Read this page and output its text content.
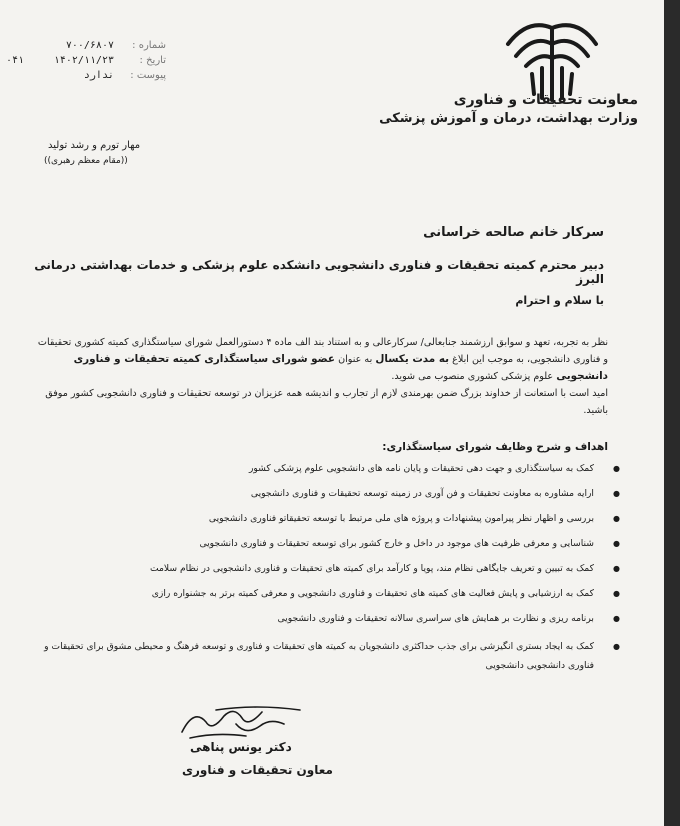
معاونت تحقیقات و فناوری
وزارت بهداشت، درمان و آموزش پزشکی
شماره :
۷۰۰/۶۸۰۷
۰۴۱	تاریخ :
۱۴۰۲/۱۱/۲۳
پیوست :
ندارد
مهار تورم و رشد تولید
((مقام معظم رهبری))
سرکار خانم صالحه خراسانی
دبیر محترم کمیته تحقیقات و فناوری دانشجویی دانشکده علوم پزشکی و خدمات بهداشتی درمانی البرز
با سلام و احترام

نظر به تجربه، تعهد و سوابق ارزشمند جنابعالی/ سرکارعالی و به استناد بند الف ماده ۴ دستورالعمل شورای سیاستگذاری کمیته کشوری تحقیقات و فناوری دانشجویی، به موجب این ابلاغ به مدت یکسال به عنوان عضو شورای سیاستگذاری کمیته تحقیقات و فناوری دانشجویی علوم پزشکی کشوری منصوب می شوید.

امید است با استعانت از خداوند بزرگ ضمن بهرمندی لازم از تجارب و اندیشه همه عزیزان در توسعه تحقیقات و فناوری دانشجویی کشور موفق باشید.

اهداف و شرح وظایف شورای سیاستگذاری:
● کمک به سیاستگذاری و جهت دهی تحقیقات و پایان نامه های دانشجویی علوم پزشکی کشور
● ارایه مشاوره به معاونت تحقیقات و فن آوری در زمینه توسعه تحقیقات و فناوری دانشجویی
● بررسی و اظهار نظر پیرامون پیشنهادات و پروژه های ملی مرتبط با توسعه تحقیقاتو فناوری دانشجویی
● شناسایی و معرفی ظرفیت های موجود در داخل و خارج کشور برای توسعه تحقیقات و فناوری دانشجویی
● کمک به تبیین و تعریف جایگاهی نظام مند، پویا و کارآمد برای کمیته های تحقیقات و فناوری دانشجویی در نظام سلامت
● کمک به ارزشیابی و پایش فعالیت های کمیته های تحقیقات و فناوری دانشجویی و معرفی کمیته برتر به جشنواره رازی
● برنامه ریزی و نظارت بر همایش های سراسری سالانه تحقیقات و فناوری دانشجویی
● کمک به ایجاد بستری انگیزشی برای جذب حداکثری دانشجویان به کمیته های تحقیقات و فناوری و توسعه فرهنگ و محیطی مشوق برای تحقیقات و فناوری دانشجویی دانشجویی
دکتر یونس پناهی
معاون تحقیقات و فناوری
